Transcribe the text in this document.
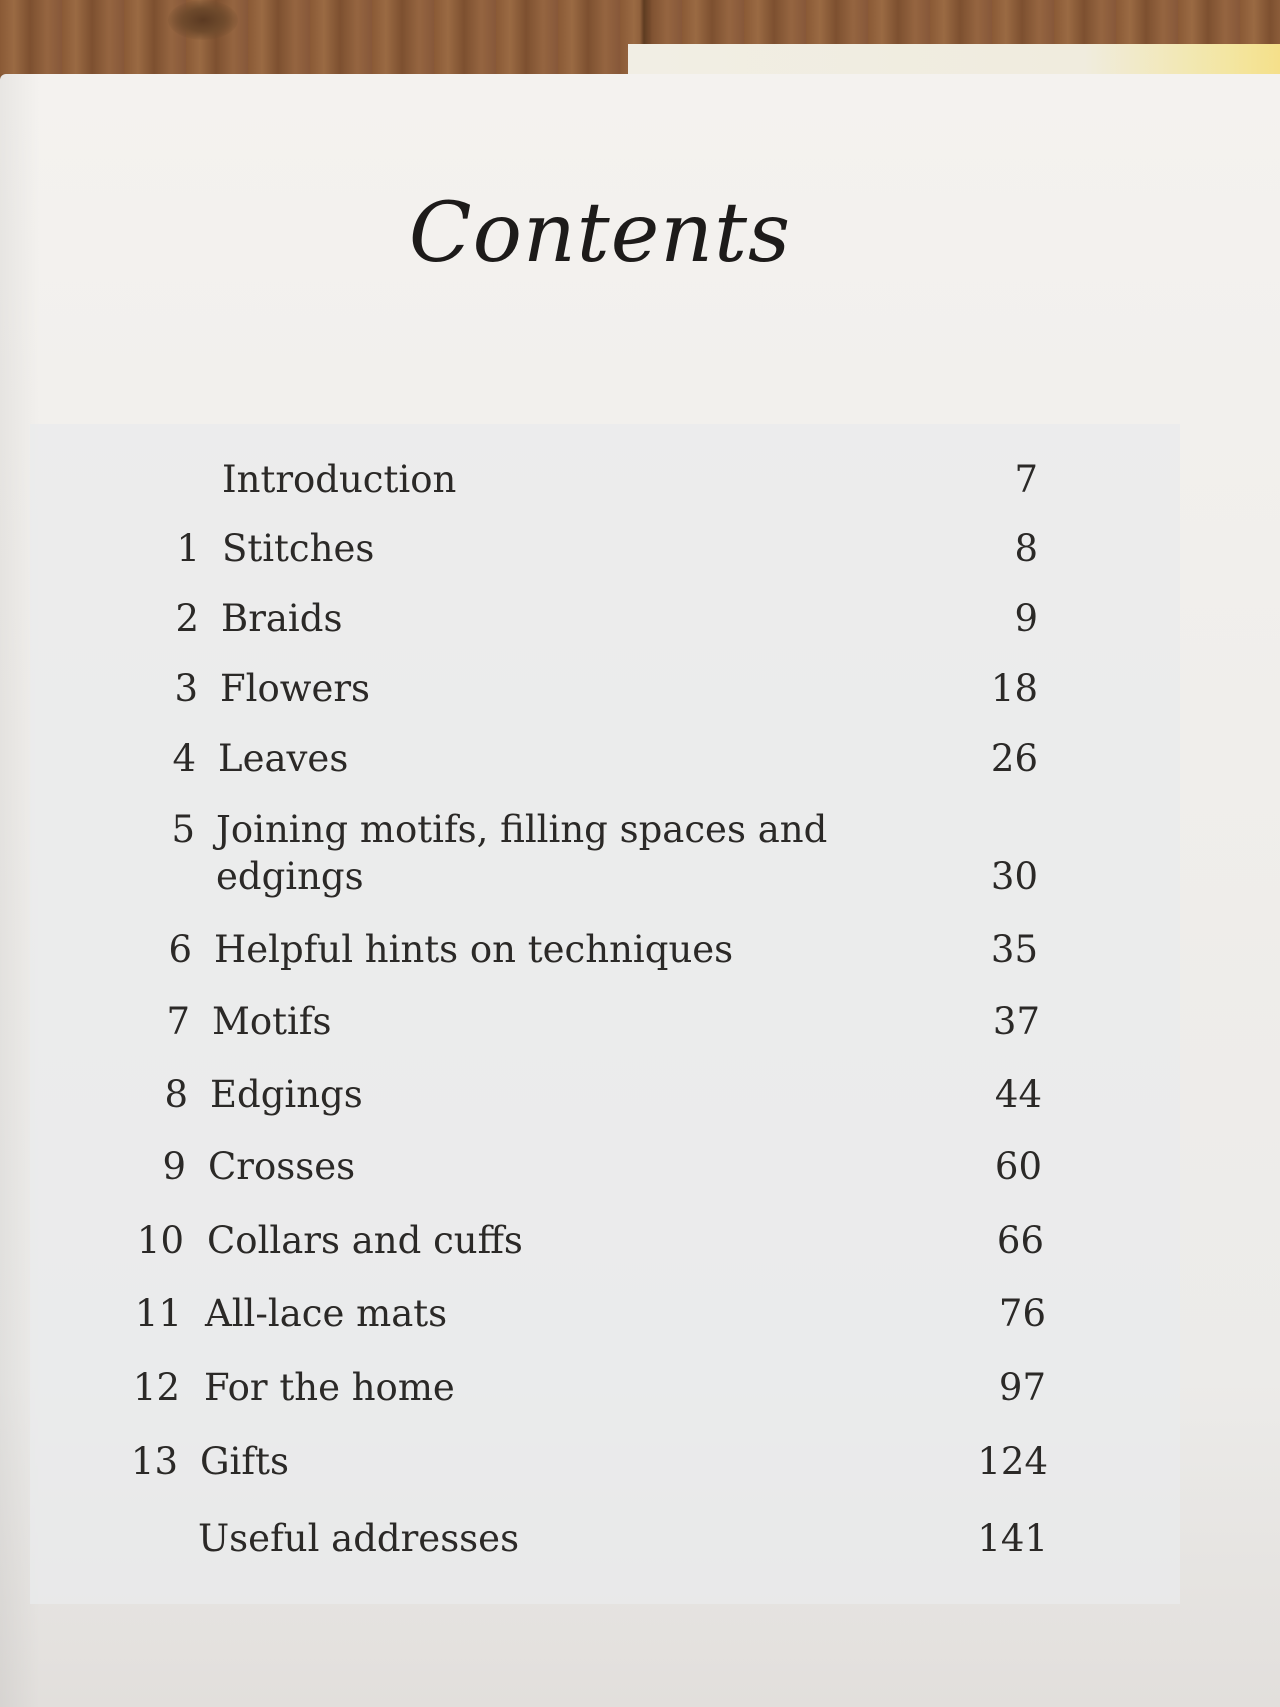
Contents
Introduction	7
1 Stitches	8
2 Braids	9
3 Flowers	18
4 Leaves	26
5 Joining motifs, filling spaces and
edgings	30
6 Helpful hints on techniques	35
7 Motifs	37
8 Edgings	44
9 Crosses	60
10 Collars and cuffs	66
11 All-lace mats	76
12 For the home	97
13 Gifts	124
Useful addresses	141
